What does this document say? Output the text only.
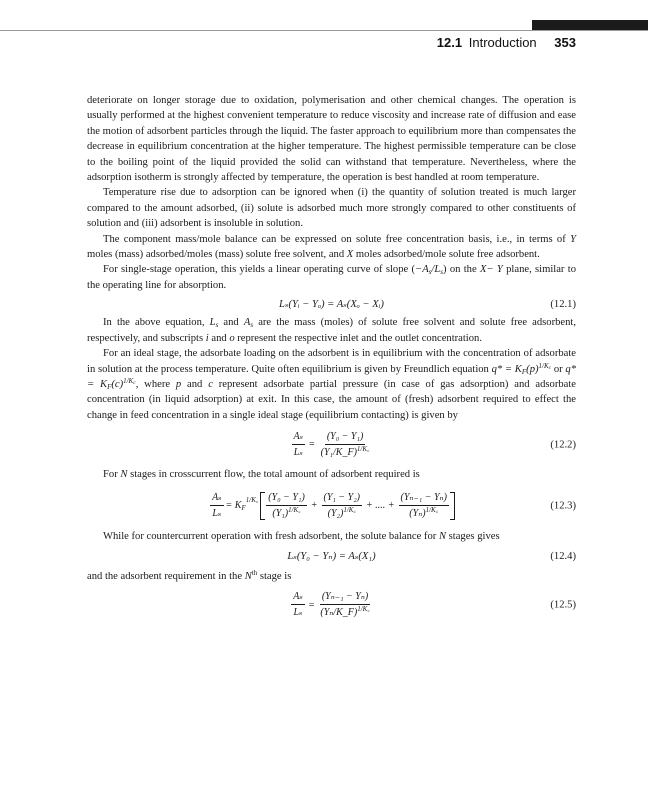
12.1 Introduction 353

deteriorate on longer storage due to oxidation, polymerisation and other chemical changes. The operation is usually performed at the highest convenient temperature to reduce viscosity and increase rate of diffusion and ease the motion of adsorbent particles through the liquid. The faster approach to equilibrium more than compensates the decrease in equilibrium concentration at the higher temperature. The highest permissible temperature can be close to the boiling point of the liquid provided the solid can withstand that temperature. Nevertheless, where the adsorption isotherm is strongly affected by temperature, the operation is best handled at room temperature.

Temperature rise due to adsorption can be ignored when (i) the quantity of solution treated is much larger compared to the amount adsorbed, (ii) solute is adsorbed much more strongly compared to other constituents of solution and (iii) adsorbent is insoluble in solution.

The component mass/mole balance can be expressed on solute free concentration basis, i.e., in terms of Y moles (mass) adsorbed/moles (mass) solute free solvent, and X moles adsorbed/mole solute free adsorbent.

For single-stage operation, this yields a linear operating curve of slope $(-A_s/L_s)$ on the X− Y plane, similar to the operating line for absorption.

Lₛ(Yᵢ − Yₒ) = Aₛ(Xₒ − Xᵢ)	(12.1)

In the above equation, $L_s$ and $A_s$ are the mass (moles) of solute free solvent and solute free adsorbent, respectively, and subscripts i and o represent the respective inlet and the outlet concentration.

For an ideal stage, the adsorbate loading on the adsorbent is in equilibrium with the concentration of adsorbate in solution at the process temperature. Quite often equilibrium is given by Freundlich equation $q* = K_F(p)^{1/Kc}$ or $q* = K_F(c)^{1/Kc}$, where p and c represent adsorbate partial pressure (in case of gas adsorption) and adsorbate concentration (in liquid adsorption) at exit. In this case, the amount of (fresh) adsorbent required to effect the change in feed concentration in a single ideal stage (equilibrium contacting) is given by

$\frac{\text{Aₛ}}{\text{Lₛ}} = \frac{\text{(Y₀ − Y₁)}}{(Y_1/K\_F)^{1/K꜀}}$	(12.2)

For N stages in crosscurrent flow, the total amount of adsorbent required is

$\frac{\text{Aₛ}}{\text{Lₛ}} = K_F^{1/K꜀} \frac{\text{(Y₀ − Y₁)}}{(Y_1)^{1/K꜀}} + \frac{\text{(Y₁ − Y₂)}}{(Y_2)^{1/K꜀}}$ + .... + $\frac{\text{(Yₙ₋₁ − Yₙ)}}{(Y_n)^{1/K꜀}}$	(12.3)

While for countercurrent operation with fresh adsorbent, the solute balance for N stages gives

Lₛ(Y₀ − Yₙ) = Aₛ(X₁)	(12.4)

and the adsorbent requirement in the $N^{th}$ stage is

$\frac{\text{Aₛ}}{\text{Lₛ}} = \frac{\text{(Yₙ₋₁ − Yₙ)}}{(Y_n/K\_F)^{1/K꜀}}$	(12.5)
